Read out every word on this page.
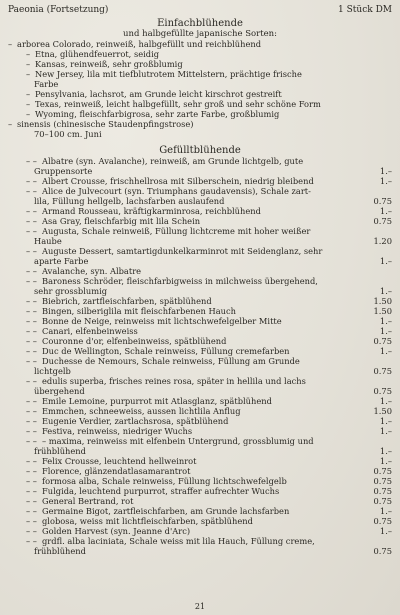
Paeonia (Fortsetzung)	1 Stück DM
Einfachblühende
und halbgefüllte japanische Sorten:
– arborea Colorado, reinweiß, halbgefüllt und reichblühend
– Etna, glühendfeuerrot, seidig
– Kansas, reinweiß, sehr großblumig
– New Jersey, lila mit tiefblutrotem Mittelstern, prächtige frische
Farbe
– Pensylvania, lachsrot, am Grunde leicht kirschrot gestreift
– Texas, reinweiß, leicht halbgefüllt, sehr groß und sehr schöne Form
– Wyoming, fleischfarbigrosa, sehr zarte Farbe, großblumig
– sinensis (chinesische Staudenpfingstrose)
70–100 cm. Juni
Gefülltblühende
– – Albatre (syn. Avalanche), reinweiß, am Grunde lichtgelb, gute
Gruppensorte	1.–
– – Albert Crousse, frischhellrosa mit Silberschein, niedrig bleibend	1.–
– – Alice de Julvecourt (syn. Triumphans gaudavensis), Schale zart-
lila, Füllung hellgelb, lachsfarben auslaufend	0.75
– – Armand Rousseau, kräftigkarminrosa, reichblühend	1.–
– – Asa Gray, fleischfarbig mit lila Schein	0.75
– – Augusta, Schale reinweiß, Füllung lichtcreme mit hoher weißer
Haube	1.20
– – Auguste Dessert, samtartigdunkelkarminrot mit Seidenglanz, sehr
aparte Farbe	1.–
– – Avalanche, syn. Albatre
– – Baroness Schröder, fleischfarbigweiss in milchweiss übergehend,
sehr grossblumig	1.–
– – Biebrich, zartfleischfarben, spätblühend	1.50
– – Bingen, silberiglila mit fleischfarbenen Hauch	1.50
– – Bonne de Neige, reinweiss mit lichtschwefelgelber Mitte	1.–
– – Canari, elfenbeinweiss	1.–
– – Couronne d'or, elfenbeinweiss, spätblühend	0.75
– – Duc de Wellington, Schale reinweiss, Füllung cremefarben	1.–
– – Duchesse de Nemours, Schale reinweiss, Füllung am Grunde
lichtgelb	0.75
– – edulis superba, frisches reines rosa, später in hellila und lachs
übergehend	0.75
– – Emile Lemoine, purpurrot mit Atlasglanz, spätblühend	1.–
– – Emmchen, schneeweiss, aussen lichtlila Anflug	1.50
– – Eugenie Verdier, zartlachsrosa, spätblühend	1.–
– – Festiva, reinweiss, niedriger Wuchs	1.–
– – – maxima, reinweiss mit elfenbein Untergrund, grossblumig und
frühblühend	1.–
– – Felix Crousse, leuchtend hellweinrot	1.–
– – Florence, glänzendatlasamarantrot	0.75
– – formosa alba, Schale reinweiss, Füllung lichtschwefelgelb	0.75
– – Fulgida, leuchtend purpurrot, straffer aufrechter Wuchs	0.75
– – General Bertrand, rot	0.75
– – Germaine Bigot, zartfleischfarben, am Grunde lachsfarben	1.–
– – globosa, weiss mit lichtfleischfarben, spätblühend	0.75
– – Golden Harvest (syn. Jeanne d'Arc)	1.–
– – grdfl. alba laciniata, Schale weiss mit lila Hauch, Füllung creme,
frühblühend	0.75
21
